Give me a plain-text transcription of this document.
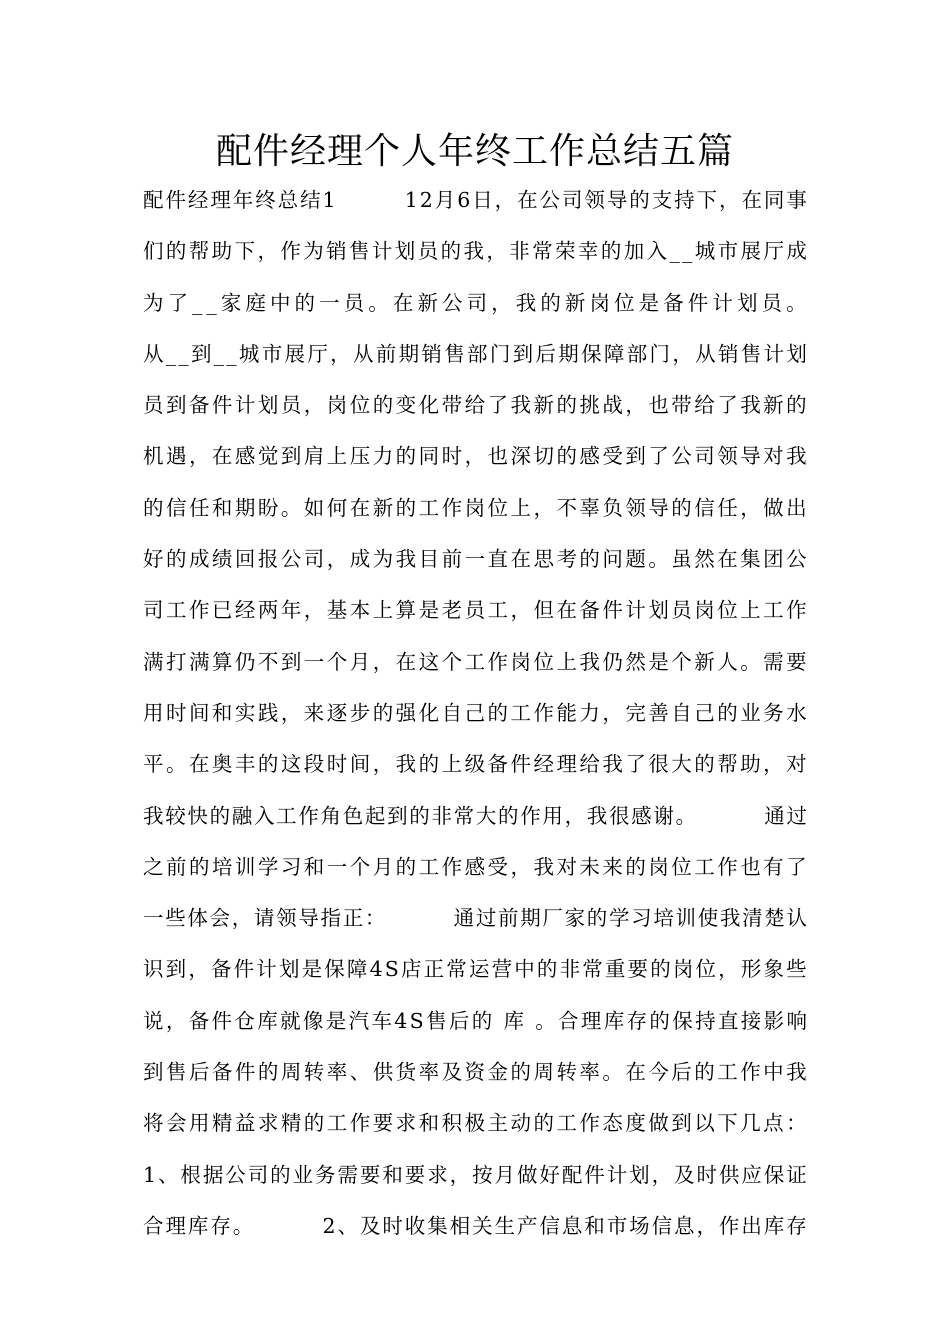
配件经理个人年终工作总结五篇
配 件 经 理 年 终 总 结 1

　	1 2 月 6 日 ， 在 公 司 领 导 的 支 持 下 ， 在 同 事
们 的 帮 助 下 ， 作 为 销 售 计 划 员 的 我 ， 非 常 荣 幸 的 加 入 _ _ 城 市 展 厅 成
为 了 _ _ 家 庭 中 的 一 员 。 在 新 公 司 ， 我 的 新 岗 位 是 备 件 计 划 员 。
从 _ _ 到 _ _ 城 市 展 厅 ， 从 前 期 销 售 部 门 到 后 期 保 障 部 门 ， 从 销 售 计 划
员 到 备 件 计 划 员 ， 岗 位 的 变 化 带 给 了 我 新 的 挑 战 ， 也 带 给 了 我 新 的
机 遇 ， 在 感 觉 到 肩 上 压 力 的 同 时 ， 也 深 切 的 感 受 到 了 公 司 领 导 对 我
的 信 任 和 期 盼 。 如 何 在 新 的 工 作 岗 位 上 ， 不 辜 负 领 导 的 信 任 ， 做 出
好 的 成 绩 回 报 公 司 ， 成 为 我 目 前 一 直 在 思 考 的 问 题 。 虽 然 在 集 团 公
司 工 作 已 经 两 年 ， 基 本 上 算 是 老 员 工 ， 但 在 备 件 计 划 员 岗 位 上 工 作
满 打 满 算 仍 不 到 一 个 月 ， 在 这 个 工 作 岗 位 上 我 仍 然 是 个 新 人 。 需 要
用 时 间 和 实 践 ， 来 逐 步 的 强 化 自 己 的 工 作 能 力 ， 完 善 自 己 的 业 务 水
平 。 在 奥 丰 的 这 段 时 间 ， 我 的 上 级 备 件 经 理 给 我 了 很 大 的 帮 助 ， 对
我 较 快 的 融 入 工 作 角 色 起 到 的 非 常 大 的 作 用 ， 我 很 感 谢 。

　	通 过
之 前 的 培 训 学 习 和 一 个 月 的 工 作 感 受 ， 我 对 未 来 的 岗 位 工 作 也 有 了
一 些 体 会 ， 请 领 导 指 正 ：

　	通 过 前 期 厂 家 的 学 习 培 训 使 我 清 楚 认
识 到 ， 备 件 计 划 是 保 障 4 S 店 正 常 运 营 中 的 非 常 重 要 的 岗 位 ， 形 象 些
说 ， 备 件 仓 库 就 像 是 汽 车 4 S 售 后 的
库
。 合 理 库 存 的 保 持 直 接 影 响
到 售 后 备 件 的 周 转 率 、 供 货 率 及 资 金 的 周 转 率 。 在 今 后 的 工 作 中 我
将 会 用 精 益 求 精 的 工 作 要 求 和 积 极 主 动 的 工 作 态 度 做 到 以 下 几 点 ：
1 、 根 据 公 司 的 业 务 需 要 和 要 求 ， 按 月 做 好 配 件 计 划 ， 及 时 供 应 保 证
合 理 库 存 。

　	2 、 及 时 收 集 相 关 生 产 信 息 和 市 场 信 息 ， 作 出 库 存
